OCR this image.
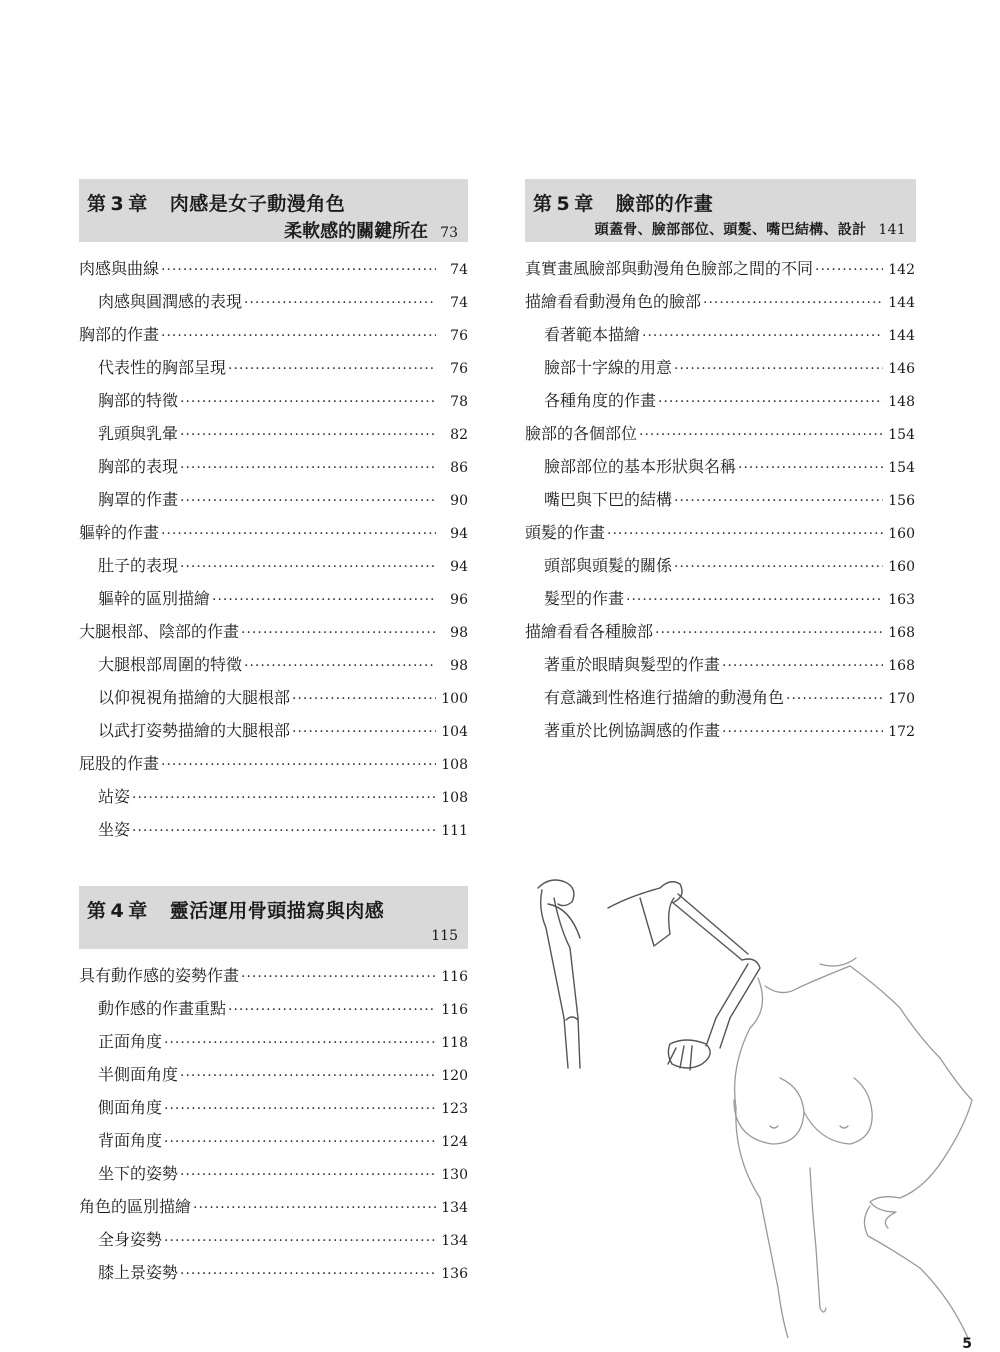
第 3 章 肉感是女子動漫角色
柔軟感的關鍵所在 73
肉感與曲線 ·····	74
肉感與圓潤感的表現 ·····	74
胸部的作畫 ·····	76
代表性的胸部呈現 ·····	76
胸部的特徵 ·····	78
乳頭與乳暈 ·····	82
胸部的表現 ·····	86
胸罩的作畫 ·····	90
軀幹的作畫 ·····	94
肚子的表現 ·····	94
軀幹的區別描繪 ·····	96
大腿根部、陰部的作畫 ·····	98
大腿根部周圍的特徵 ·····	98
以仰視視角描繪的大腿根部 ·····	100
以武打姿勢描繪的大腿根部 ·····	104
屁股的作畫 ·····	108
站姿 ·····	108
坐姿 ·····	111
第 4 章 靈活運用骨頭描寫與肉感
115
具有動作感的姿勢作畫 ·····	116
動作感的作畫重點 ·····	116
正面角度 ·····	118
半側面角度 ·····	120
側面角度 ·····	123
背面角度 ·····	124
坐下的姿勢 ·····	130
角色的區別描繪 ·····	134
全身姿勢 ·····	134
膝上景姿勢 ·····	136
第 5 章 臉部的作畫
頭蓋骨、臉部部位、頭髮、嘴巴結構、設計 141
真實畫風臉部與動漫角色臉部之間的不同 ·····	142
描繪看看動漫角色的臉部 ·····	144
看著範本描繪 ·····	144
臉部十字線的用意 ·····	146
各種角度的作畫 ·····	148
臉部的各個部位 ·····	154
臉部部位的基本形狀與名稱 ·····	154
嘴巴與下巴的結構 ·····	156
頭髮的作畫 ·····	160
頭部與頭髮的關係 ·····	160
髮型的作畫 ·····	163
描繪看看各種臉部 ·····	168
著重於眼睛與髮型的作畫 ·····	168
有意識到性格進行描繪的動漫角色 ·····	170
著重於比例協調感的作畫 ·····	172
5
